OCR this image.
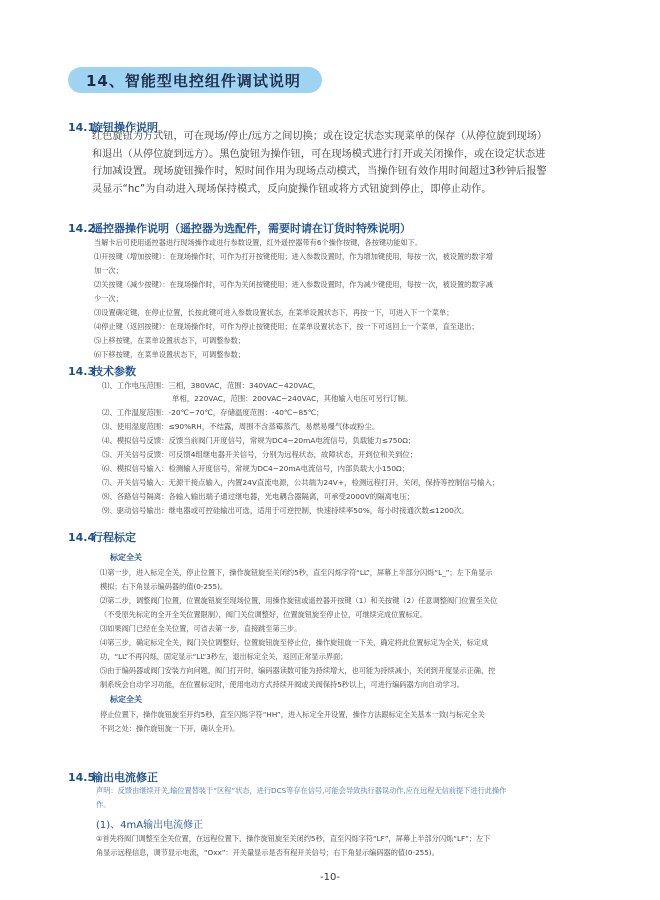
14、智能型电控组件调试说明
14.1旋钮操作说明
红色旋钮为方式钮，可在现场/停止/远方之间切换；或在设定状态实现菜单的保存（从停位旋到现场）
和退出（从停位旋到远方）。黑色旋钮为操作钮，可在现场模式进行打开或关闭操作，或在设定状态进
行加减设置。现场旋钮操作时，短时间作用为现场点动模式，当操作钮有效作用时间超过3秒钟后报警
灵显示“hc”为自动进入现场保持模式，反向旋操作钮或将方式钮旋到停止，即停止动作。
14.2遥控器操作说明（遥控器为选配件，需要时请在订货时特殊说明）
当解卡后可使用遥控器进行现场操作或进行参数设置，红外遥控器带有6个操作按键，各按键功能如下。
⑴开按键（增加按键）：在现场操作时，可作为打开按键使用；进入参数设置时，作为增加键使用，每按一次，被设置的数字增
加一次；
⑵关按键（减少按键）：在现场操作时，可作为关闭按键使用；进入参数设置时，作为减少键使用，每按一次，被设置的数字减
少一次；
⑶设置确定键，在停止位置，长按此键可进入参数设置状态，在菜单设置状态下，再按一下，可进入下一个菜单；
⑷停止键（返回按键）：在现场操作时，可作为停止按键使用；在菜单设置状态下，按一下可返回上一个菜单，直至退出；
⑸上移按键，在菜单设置状态下，可调整参数；
⑹下移按键，在菜单设置状态下，可调整参数；
14.3技术参数
⑴、工作电压范围：三相，380VAC，范围：340VAC~420VAC，
单相，220VAC，范围：200VAC~240VAC，其他输入电压可另行订制。
⑵、工作温度范围：-20℃~70℃，存储温度范围：-40℃~85℃；
⑶、使用湿度范围：≤90%RH，不结露，周围不含蒸霉蒸汽，易燃易爆气体或粉尘。
⑷、模拟信号反馈：反馈当前阀门开度信号，常规为DC4~20mA电流信号，负载能力≤750Ω；
⑸、开关信号反馈：可反馈4组继电器开关信号，分别为远程状态，故障状态，开到位和关到位；
⑹、模拟信号输入：检测输入开度信号，常规为DC4~20mA电流信号，内部负载大小150Ω；
⑺、开关信号输入：无源干接点输入，内置24V直流电源，公共端为24V+，检测远程打开，关闭，保持等控制信号输入；
⑻、各路信号隔离：各输入输出端子通过继电器，光电耦合器隔离，可承受2000V的隔离电压；
⑼、驱动信号输出：继电器或可控硅输出可选，适用于可逆控制，快速持续率50%，每小时接通次数≤1200次。
14.4行程标定
标定全关
⑴第一步，进入标定全关，停止位置下，操作旋钮旋至关闭约5秒，直至闪烁字符“LL”，屏幕上半部分闪烁“L_”；左下角显示
模拟；右下角显示编码器的值(0-255)。
⑵第二步，调整阀门位置，位置旋钮旋至现场位置，用操作旋钮或遥控器开按键（1）和关按键（2）任意调整阀门位置至关位
（不受原先标定的全开全关位置限制），阀门关位调整好，位置旋钮旋至停止位，可继续完成位置标定。
⑶如果阀门已经在全关位置，可省去第一步，直接跳至第三步。
⑷第三步，确定标定全关，阀门关位调整好，位置旋钮旋至停止位，操作旋钮旋一下关，确定将此位置标定为全关，标定成
功，“LL”不再闪烁，固定显示“LL”3秒左，退出标定全关，返回正常显示界面；
⑸由于编码器或阀门安装方向问题，阀门打开时，编码器读数可能为持续增大，也可能为持续减小，关闭到开度显示正确，控
制系统会自动学习功能，在位置标定时，使用电动方式持续开阀或关阀保持5秒以上，可进行编码器方向自动学习。
标定全关
停止位置下，操作旋钮旋至开约5秒，直至闪烁字符“HH”，进入标定全开设置，操作方法跟标定全关基本一致(与标定全关
不同之处：操作旋钮旋一下开，确认全开)。
14.5输出电流修正
声明：反馈由继续开关,输位置替装于“区程”状态，进行DCS等存在信号,可能会导致执行器误动作,应在远程无信前提下进行此操作
作。
(1)、4mA输出电流修正
①首先将阀门调整至全关位置，在远程位置下，操作旋钮旋至关闭约5秒，直至闪烁字符“LF”，屏幕上半部分闪烁“LF”；左下
角显示远程信息，调节显示电流，“Oxx”：开关量显示是否有程开关信号；右下角显示编码器的值(0-255)。
-10-
